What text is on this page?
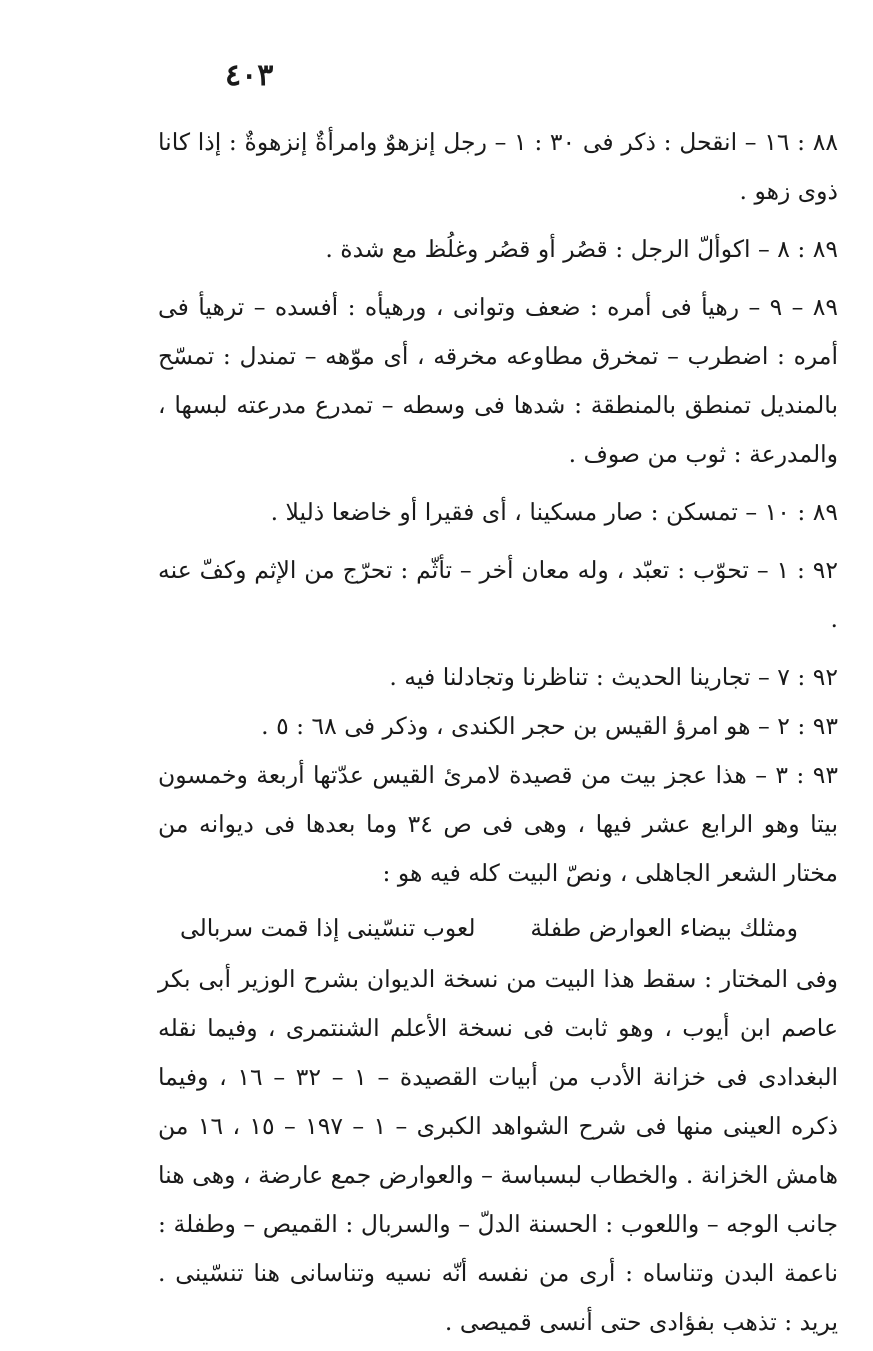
٤٠٣

٨٨ : ١٦ – انقحل : ذكر فى ٣٠ : ١ – رجل إنزهوٌ وامرأةٌ إنزهوةٌ : إذا كانا ذوى زهو .

٨٩ : ٨ – اكوألّ الرجل : قصُر أو قصُر وغلُظ مع شدة .

٨٩ – ٩ – رهيأ فى أمره : ضعف وتوانى ، ورهيأه : أفسده – ترهيأ فى أمره : اضطرب – تمخرق مطاوعه مخرقه ، أى موّهه – تمندل : تمسّح بالمنديل تمنطق بالمنطقة : شدها فى وسطه – تمدرع مدرعته لبسها ، والمدرعة : ثوب من صوف .

٨٩ : ١٠ – تمسكن : صار مسكينا ، أى فقيرا أو خاضعا ذليلا .

٩٢ : ١ – تحوّب : تعبّد ، وله معان أخر – تأثّم : تحرّج من الإثم وكفّ عنه .

٩٢ : ٧ – تجارينا الحديث : تناظرنا وتجادلنا فيه .

٩٣ : ٢ – هو امرؤ القيس بن حجر الكندى ، وذكر فى ٦٨ : ٥ .

٩٣ : ٣ – هذا عجز بيت من قصيدة لامرئ القيس عدّتها أربعة وخمسون بيتا وهو الرابع عشر فيها ، وهى فى ص ٣٤ وما بعدها فى ديوانه من مختار الشعر الجاهلى ، ونصّ البيت كله فيه هو :

ومثلك بيضاء العوارض طفلة
لعوب تنسّينى إذا قمت سربالى

وفى المختار : سقط هذا البيت من نسخة الديوان بشرح الوزير أبى بكر عاصم ابن أيوب ، وهو ثابت فى نسخة الأعلم الشنتمرى ، وفيما نقله البغدادى فى خزانة الأدب من أبيات القصيدة – ١ – ٣٢ – ١٦ ، وفيما ذكره العينى منها فى شرح الشواهد الكبرى – ١ – ١٩٧ – ١٥ ، ١٦ من هامش الخزانة . والخطاب لبسباسة – والعوارض جمع عارضة ، وهى هنا جانب الوجه – واللعوب : الحسنة الدلّ – والسربال : القميص – وطفلة : ناعمة البدن وتناساه : أرى من نفسه أنّه نسيه وتناسانى هنا تنسّينى . يريد : تذهب بفؤادى حتى أنسى قميصى .
